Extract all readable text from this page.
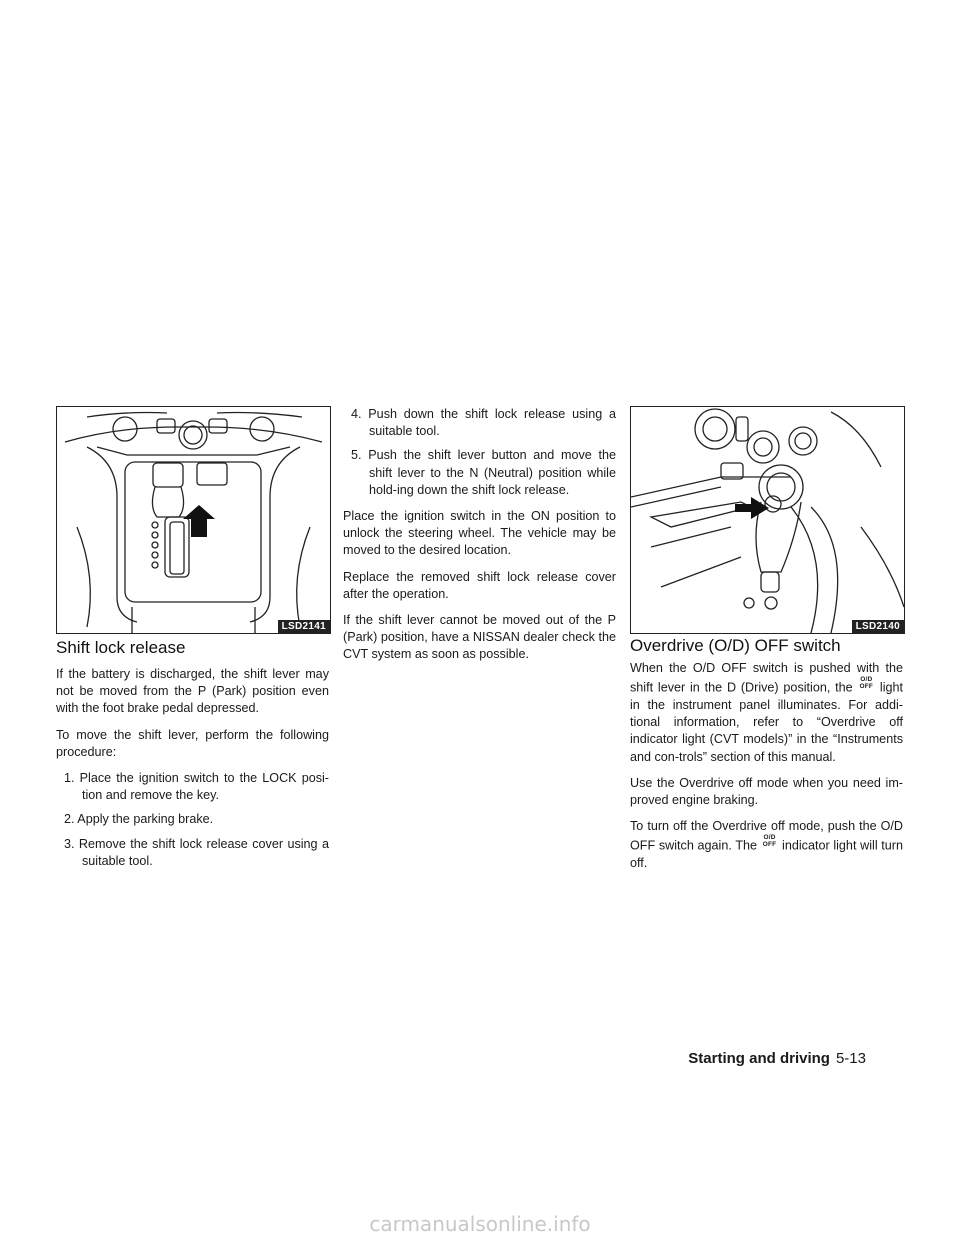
LSD2141	LSD2140
Shift lock release

If the battery is discharged, the shift lever may not be moved from the P (Park) position even with the foot brake pedal depressed.

To move the shift lever, perform the following procedure:

1. Place the ignition switch to the LOCK posi-tion and remove the key.
2. Apply the parking brake.
3. Remove the shift lock release cover using a suitable tool.
4. Push down the shift lock release using a suitable tool.
5. Push the shift lever button and move the shift lever to the N (Neutral) position while hold-ing down the shift lock release.

Place the ignition switch in the ON position to unlock the steering wheel. The vehicle may be moved to the desired location.

Replace the removed shift lock release cover after the operation.

If the shift lever cannot be moved out of the P (Park) position, have a NISSAN dealer check the CVT system as soon as possible.	Overdrive (O/D) OFF switch

When the O/D OFF switch is pushed with the shift lever in the D (Drive) position, the O/D
OFF light in the instrument panel illuminates. For addi-tional information, refer to “Overdrive off indicator light (CVT models)” in the “Instruments and con-trols” section of this manual.

Use the Overdrive off mode when you need im-proved engine braking.

To turn off the Overdrive off mode, push the O/D OFF switch again. The O/D
OFF indicator light will turn off.

Starting and driving 5-13
carmanualsonline.info
